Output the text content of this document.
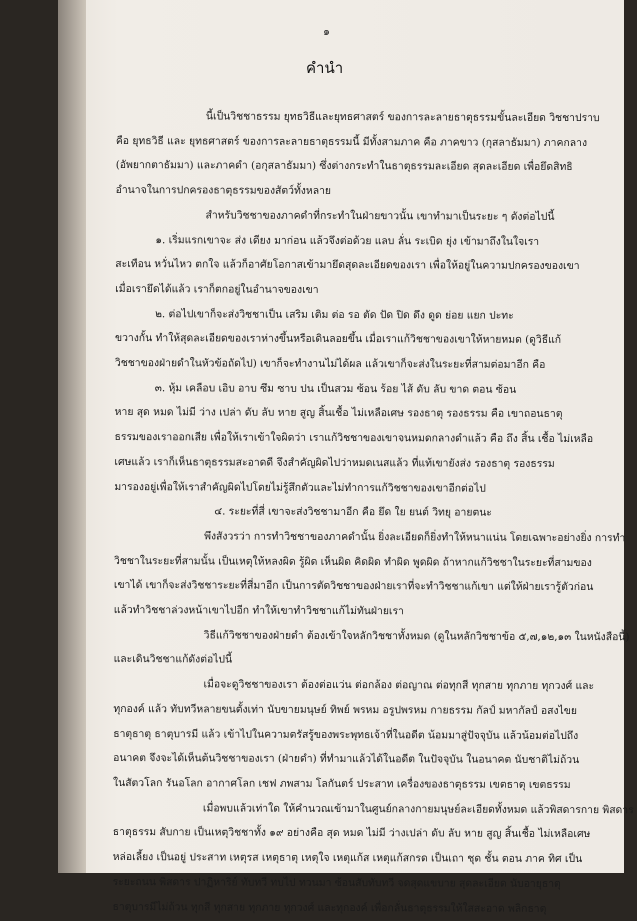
๑
คำนำ

นี้เป็นวิชชาธรรม ยุทธวิธีและยุทธศาสตร์ ของการละลายธาตุธรรมขั้นละเอียด วิชชาปราบ

คือ ยุทธวิธี และ ยุทธศาสตร์ ของการละลายธาตุธรรมนี้ มีทั้งสามภาค คือ ภาคขาว (กุสลาธัมมา) ภาคกลาง

(อัพยากตาธัมมา) และภาคดำ (อกุสลาธัมมา) ซึ่งต่างกระทำในธาตุธรรมละเอียด สุดละเอียด เพื่อยึดสิทธิ

อำนาจในการปกครองธาตุธรรมของสัตว์ทั้งหลาย

สำหรับวิชชาของภาคดำที่กระทำในฝ่ายขาวนั้น เขาทำมาเป็นระยะ ๆ ดังต่อไปนี้

๑. เริ่มแรกเขาจะ ส่ง เดียง มาก่อน แล้วจึงต่อด้วย แลบ ลั่น ระเบิด ยุ่ง เข้ามาถึงในใจเรา

สะเทือน หวั่นไหว ตกใจ แล้วก็อาศัยโอกาสเข้ามายึดสุดละเอียดของเรา เพื่อให้อยู่ในความปกครองของเขา

เมื่อเรายึดได้แล้ว เราก็ตกอยู่ในอำนาจของเขา

๒. ต่อไปเขาก็จะส่งวิชชาเป็น เสริม เติม ต่อ รอ ตัด ปัด ปิด ดึง ดูด ย่อย แยก ปะทะ

ขวางกั้น ทำให้สุดละเอียดของเราห่างขึ้นหรือเดินลอยขึ้น เมื่อเราแก้วิชชาของเขาให้หายหมด (ดูวิธีแก้

วิชชาของฝ่ายดำในหัวข้อถัดไป) เขาก็จะทำงานไม่ได้ผล แล้วเขาก็จะส่งในระยะที่สามต่อมาอีก คือ

๓. หุ้ม เคลือบ เอิบ อาบ ซึม ซาบ ปน เป็นสวม ซ้อน ร้อย ไส้ ดับ ลับ ขาด ตอน ซ้อน

หาย สุด หมด ไม่มี ว่าง เปล่า ดับ ลับ หาย สูญ สิ้นเชื้อ ไม่เหลือเศษ รองธาตุ รองธรรม คือ เขาถอนธาตุ

ธรรมของเราออกเสีย เพื่อให้เราเข้าใจผิดว่า เราแก้วิชชาของเขาจนหมดกลางดำแล้ว คือ ถึง สิ้น เชื้อ ไม่เหลือ

เศษแล้ว เราก็เห็นธาตุธรรมสะอาดดี จึงสำคัญผิดไปว่าหมดเนสแล้ว ที่แท้เขายังส่ง รองธาตุ รองธรรม

มารองอยู่เพื่อให้เราสำคัญผิดไปโดยไม่รู้สึกตัวและไม่ทำการแก้วิชชาของเขาอีกต่อไป

๔. ระยะที่สี่ เขาจะส่งวิชชามาอีก คือ ยึด ใย ยนต์ วิทยุ อายตนะ

พึงสังวรว่า การทำวิชชาของภาคดำนั้น ยิ่งละเอียดก็ยิ่งทำให้หนาแน่น โดยเฉพาะอย่างยิ่ง การทำ

วิชชาในระยะที่สามนั้น เป็นเหตุให้หลงผิด รู้ผิด เห็นผิด คิดผิด ทำผิด พูดผิด ถ้าหากแก้วิชชาในระยะที่สามของ

เขาได้ เขาก็จะส่งวิชชาระยะที่สี่มาอีก เป็นการตัดวิชชาของฝ่ายเราที่จะทำวิชชาแก้เขา แต่ให้ฝ่ายเรารู้ตัวก่อน

แล้วทำวิชชาล่วงหน้าเขาไปอีก ทำให้เขาทำวิชชาแก้ไม่ทันฝ่ายเรา

วิธีแก้วิชชาของฝ่ายดำ ต้องเข้าใจหลักวิชชาทั้งหมด (ดูในหลักวิชชาข้อ ๕,๗,๑๒,๑๓ ในหนังสือนี้)

และเดินวิชชาแก้ดังต่อไปนี้

เมื่อจะดูวิชชาของเรา ต้องต่อแว่น ต่อกล้อง ต่อญาณ ต่อทุกสี ทุกสาย ทุกภาย ทุกวงศ์ และ

ทุกองค์ แล้ว ทับทวีหลายขนตั้งเท่า นับขายมนุษย์ ทิพย์ พรหม อรูปพรหม กายธรรม กัลป์ มหากัลป์ อสงไขย

ธาตุธาตุ ธาตุบารมี แล้ว เข้าไปในความตรัสรู้ของพระพุทธเจ้าที่ในอดีต น้อมมาสู่ปัจจุบัน แล้วน้อมต่อไปถึง

อนาคต จึงจะได้เห็นต้นวิชชาของเรา (ฝ่ายดำ) ที่ทำมาแล้วได้ในอดีต ในปัจจุบัน ในอนาคต นับชาติไม่ถ้วน

ในสัตวโลก รันอโลก อากาศโลก เชฟ ภพสาม โลกันตร์ ประสาท เครื่องของธาตุธรรม เขตธาตุ เขตธรรม

เมื่อพบแล้วเท่าใด ให้คำนวณเข้ามาในศูนย์กลางกายมนุษย์ละเอียดทั้งหมด แล้วพิสดารกาย พิสดาร

ธาตุธรรม สับกาย เป็นเหตุวิชชาทั้ง ๑๙ อย่างคือ สุด หมด ไม่มี ว่างเปล่า ดับ ลับ หาย สูญ สิ้นเชื้อ ไม่เหลือเศษ

หล่อเลี้ยง เป็นอยู่ ประสาท เหตุรส เหตุธาตุ เหตุใจ เหตุแก้ส เหตุแก้สกรด เป็นเถา ชุด ชั้น ตอน ภาค ทิศ เป็น

ระยะถนน พิสดาร ปาฏิหาริย์ ทับทวี ทบไป ทวนมา ซ้อนสับทับทวี จดสุดแขบาย สุดละเอียด นับอายุธาตุ

ธาตุบารมีไม่ถ้วน ทุกสี ทุกสาย ทุกภาย ทุกวงศ์ และทุกองค์ เพื่อกลั่นธาตุธรรมให้ใสสะอาด พลิกธาตุ
